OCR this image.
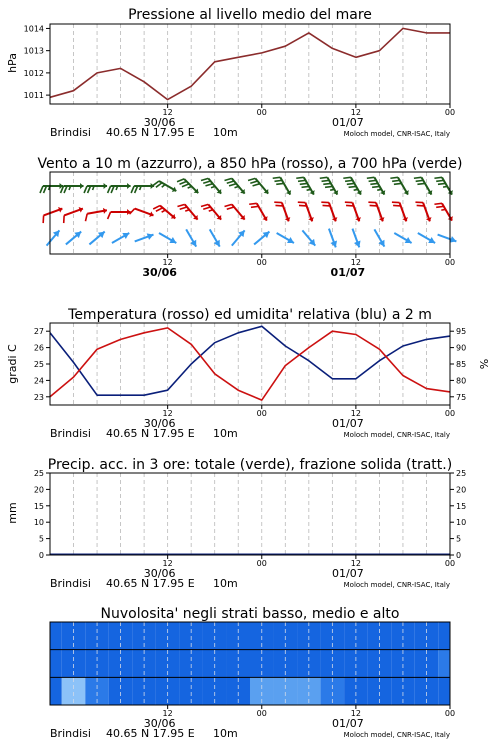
Pressione al livello medio del mare
hPa
1011
1012
1013
1014
12	00	12	00
30/06	01/07
Brindisi 40.65 N 17.95 E 10m	Moloch model, CNR-ISAC, Italy
Vento a 10 m (azzurro), a 850 hPa (rosso), a 700 hPa (verde)
12	00	12	00
30/06	01/07
Temperatura (rosso) ed umidita' relativa (blu) a 2 m
gradi C	%
23
24
25
26
27
75
80
85
90
95
12	00	12	00
30/06	01/07
Brindisi 40.65 N 17.95 E 10m	Moloch model, CNR-ISAC, Italy
Precip. acc. in 3 ore: totale (verde), frazione solida (tratt.)
mm
0
5
10
15
20
25
0
5
10
15
20
25
12	00	12	00
30/06	01/07
Brindisi 40.65 N 17.95 E 10m	Moloch model, CNR-ISAC, Italy
Nuvolosita' negli strati basso, medio e alto
12	00	12	00
30/06	01/07
Brindisi 40.65 N 17.95 E 10m	Moloch model, CNR-ISAC, Italy
